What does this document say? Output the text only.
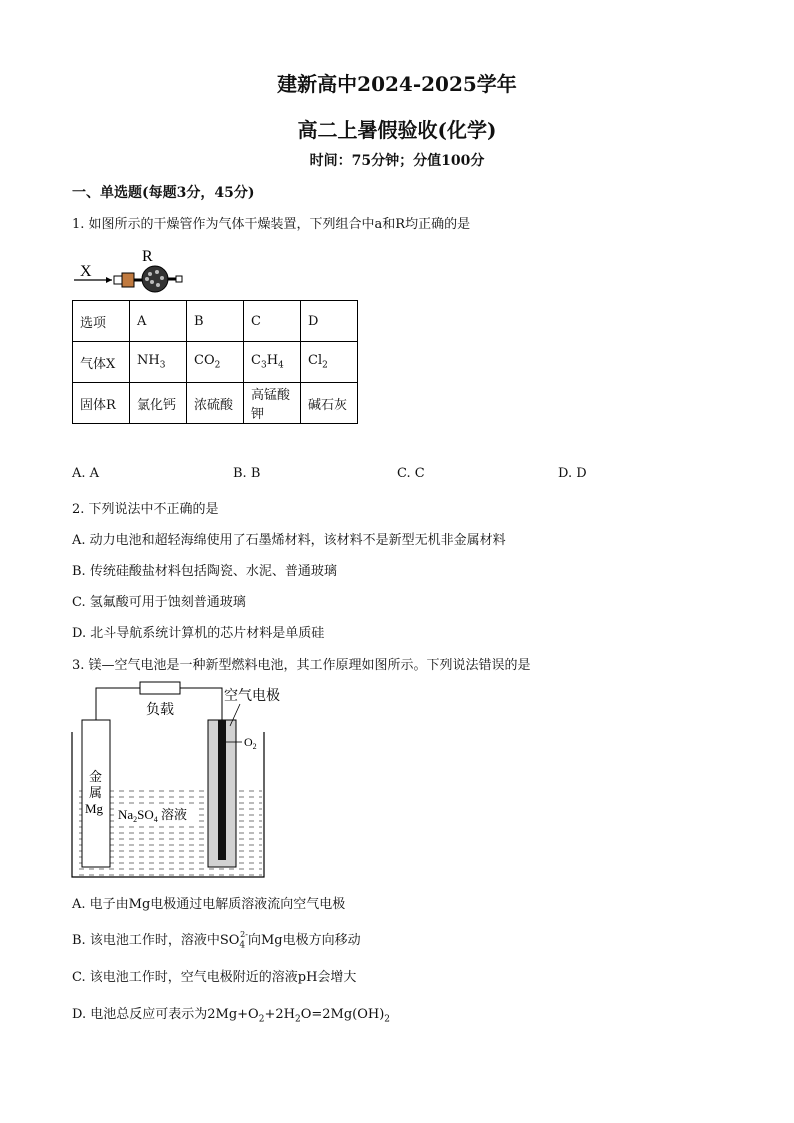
建新高中2024-2025学年
高二上暑假验收(化学)
时间：75分钟；分值100分
一、单选题(每题3分，45分)
1. 如图所示的干燥管作为气体干燥装置，下列组合中a和R均正确的是
X
R
选项	A	B	C	D
气体X	$NH_3$	$CO_2$	$C_3H_4$	$Cl_2$
固体R	氯化钙	浓硫酸	高锰酸钾	碱石灰
A. A	B. B	C. C	D. D
2. 下列说法中不正确的是
A. 动力电池和超轻海绵使用了石墨烯材料，该材料不是新型无机非金属材料
B. 传统硅酸盐材料包括陶瓷、水泥、普通玻璃
C. 氢氟酸可用于蚀刻普通玻璃
D. 北斗导航系统计算机的芯片材料是单质硅
3. 镁—空气电池是一种新型燃料电池，其工作原理如图所示。下列说法错误的是
金
属
Mg
负载
空气电极
$O_2$
$Na_2SO_4$ 溶液
A. 电子由Mg电极通过电解质溶液流向空气电极
B. 该电池工作时，溶液中$SO_4^{2-}$向Mg电极方向移动
C. 该电池工作时，空气电极附近的溶液pH会增大
D. 电池总反应可表示为$2Mg+O_2+2H_2O=2Mg(OH)_2$
